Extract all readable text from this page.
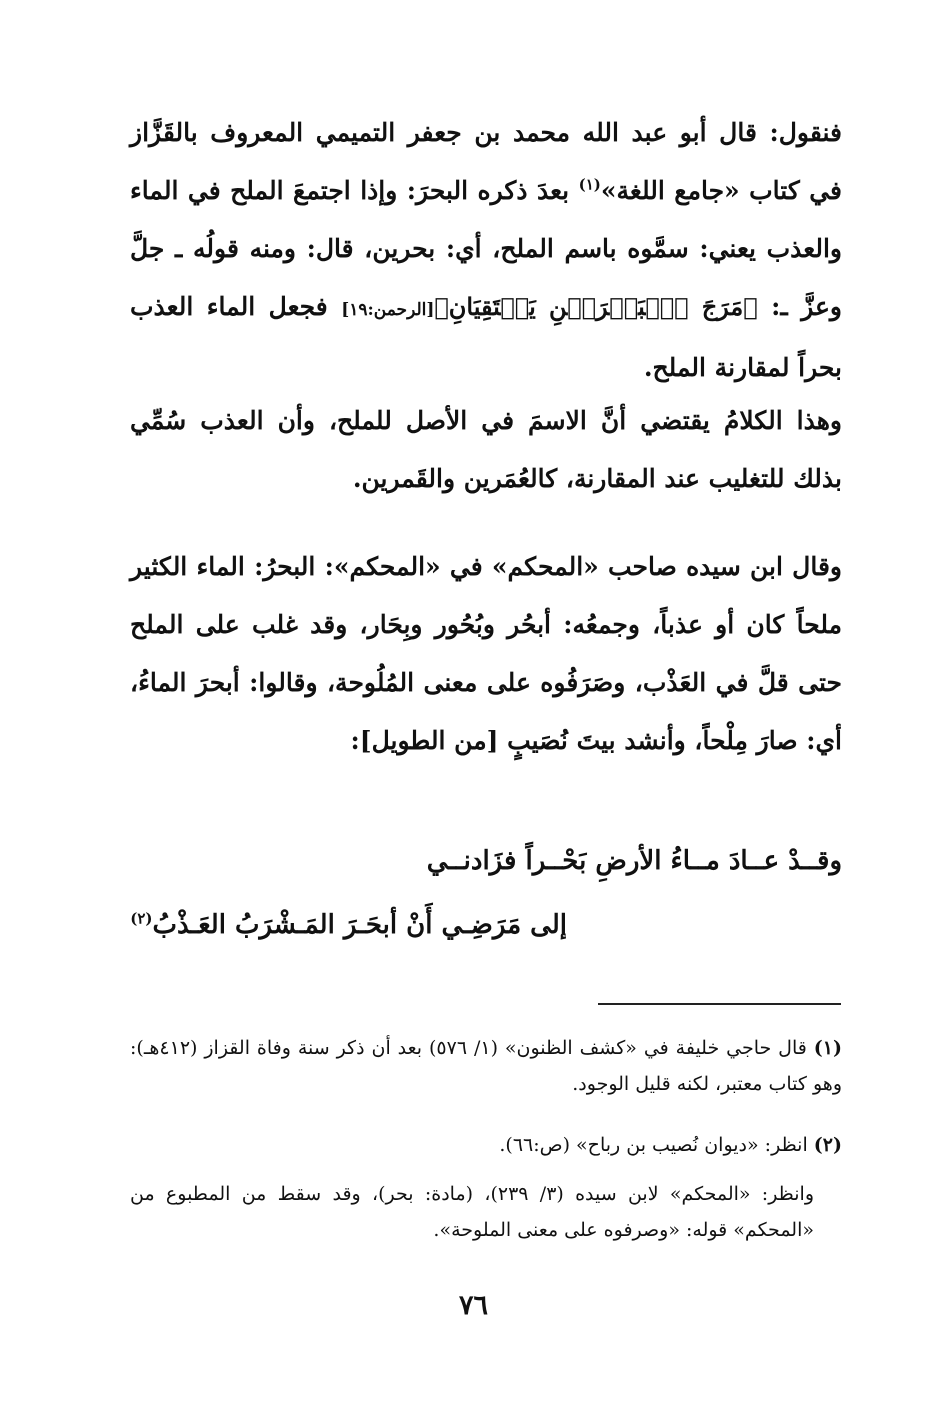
فنقول: قال أبو عبد الله محمد بن جعفر التميمي المعروف بالقَزَّاز في كتاب «جامع اللغة»$^{(١)}$ بعدَ ذكره البحرَ: وإذا اجتمعَ الملح في الماء والعذب يعني: سمَّوه باسم الملح، أي: بحرين، قال: ومنه قولُه ـ جلَّ وعزَّ ـ: ﴿مَرَجَ ٱلۡبَحۡرَيۡنِ يَلۡتَقِيَانِ﴾[الرحمن:١٩] فجعل الماء العذب بحراً لمقارنة الملح.

وهذا الكلامُ يقتضي أنَّ الاسمَ في الأصل للملح، وأن العذب سُمِّي بذلك للتغليب عند المقارنة، كالعُمَرين والقَمرين.

وقال ابن سيده صاحب «المحكم» في «المحكم»: البحرُ: الماء الكثير ملحاً كان أو عذباً، وجمعُه: أبحُر وبُحُور وبِحَار، وقد غلب على الملح حتى قلَّ في العَذْب، وصَرَفُوه على معنى المُلُوحة، وقالوا: أبحرَ الماءُ، أي: صارَ مِلْحاً، وأنشد بيتَ نُصَيبٍ [من الطويل]:

وقــدْ عــادَ مــاءُ الأرضِ بَحْــراً فزَادنــي
إلى مَرَضِـي أَنْ أبحَـرَ المَـشْرَبُ العَـذْبُ$^{(٢)}$

(١) قال حاجي خليفة في «كشف الظنون» (١/ ٥٧٦) بعد أن ذكر سنة وفاة القزاز (٤١٢هـ): وهو كتاب معتبر، لكنه قليل الوجود.

(٢) انظر: «ديوان نُصيب بن رباح» (ص:٦٦).

وانظر: «المحكم» لابن سيده (٣/ ٢٣٩)، (مادة: بحر)، وقد سقط من المطبوع من «المحكم» قوله: «وصرفوه على معنى الملوحة».

٧٦
